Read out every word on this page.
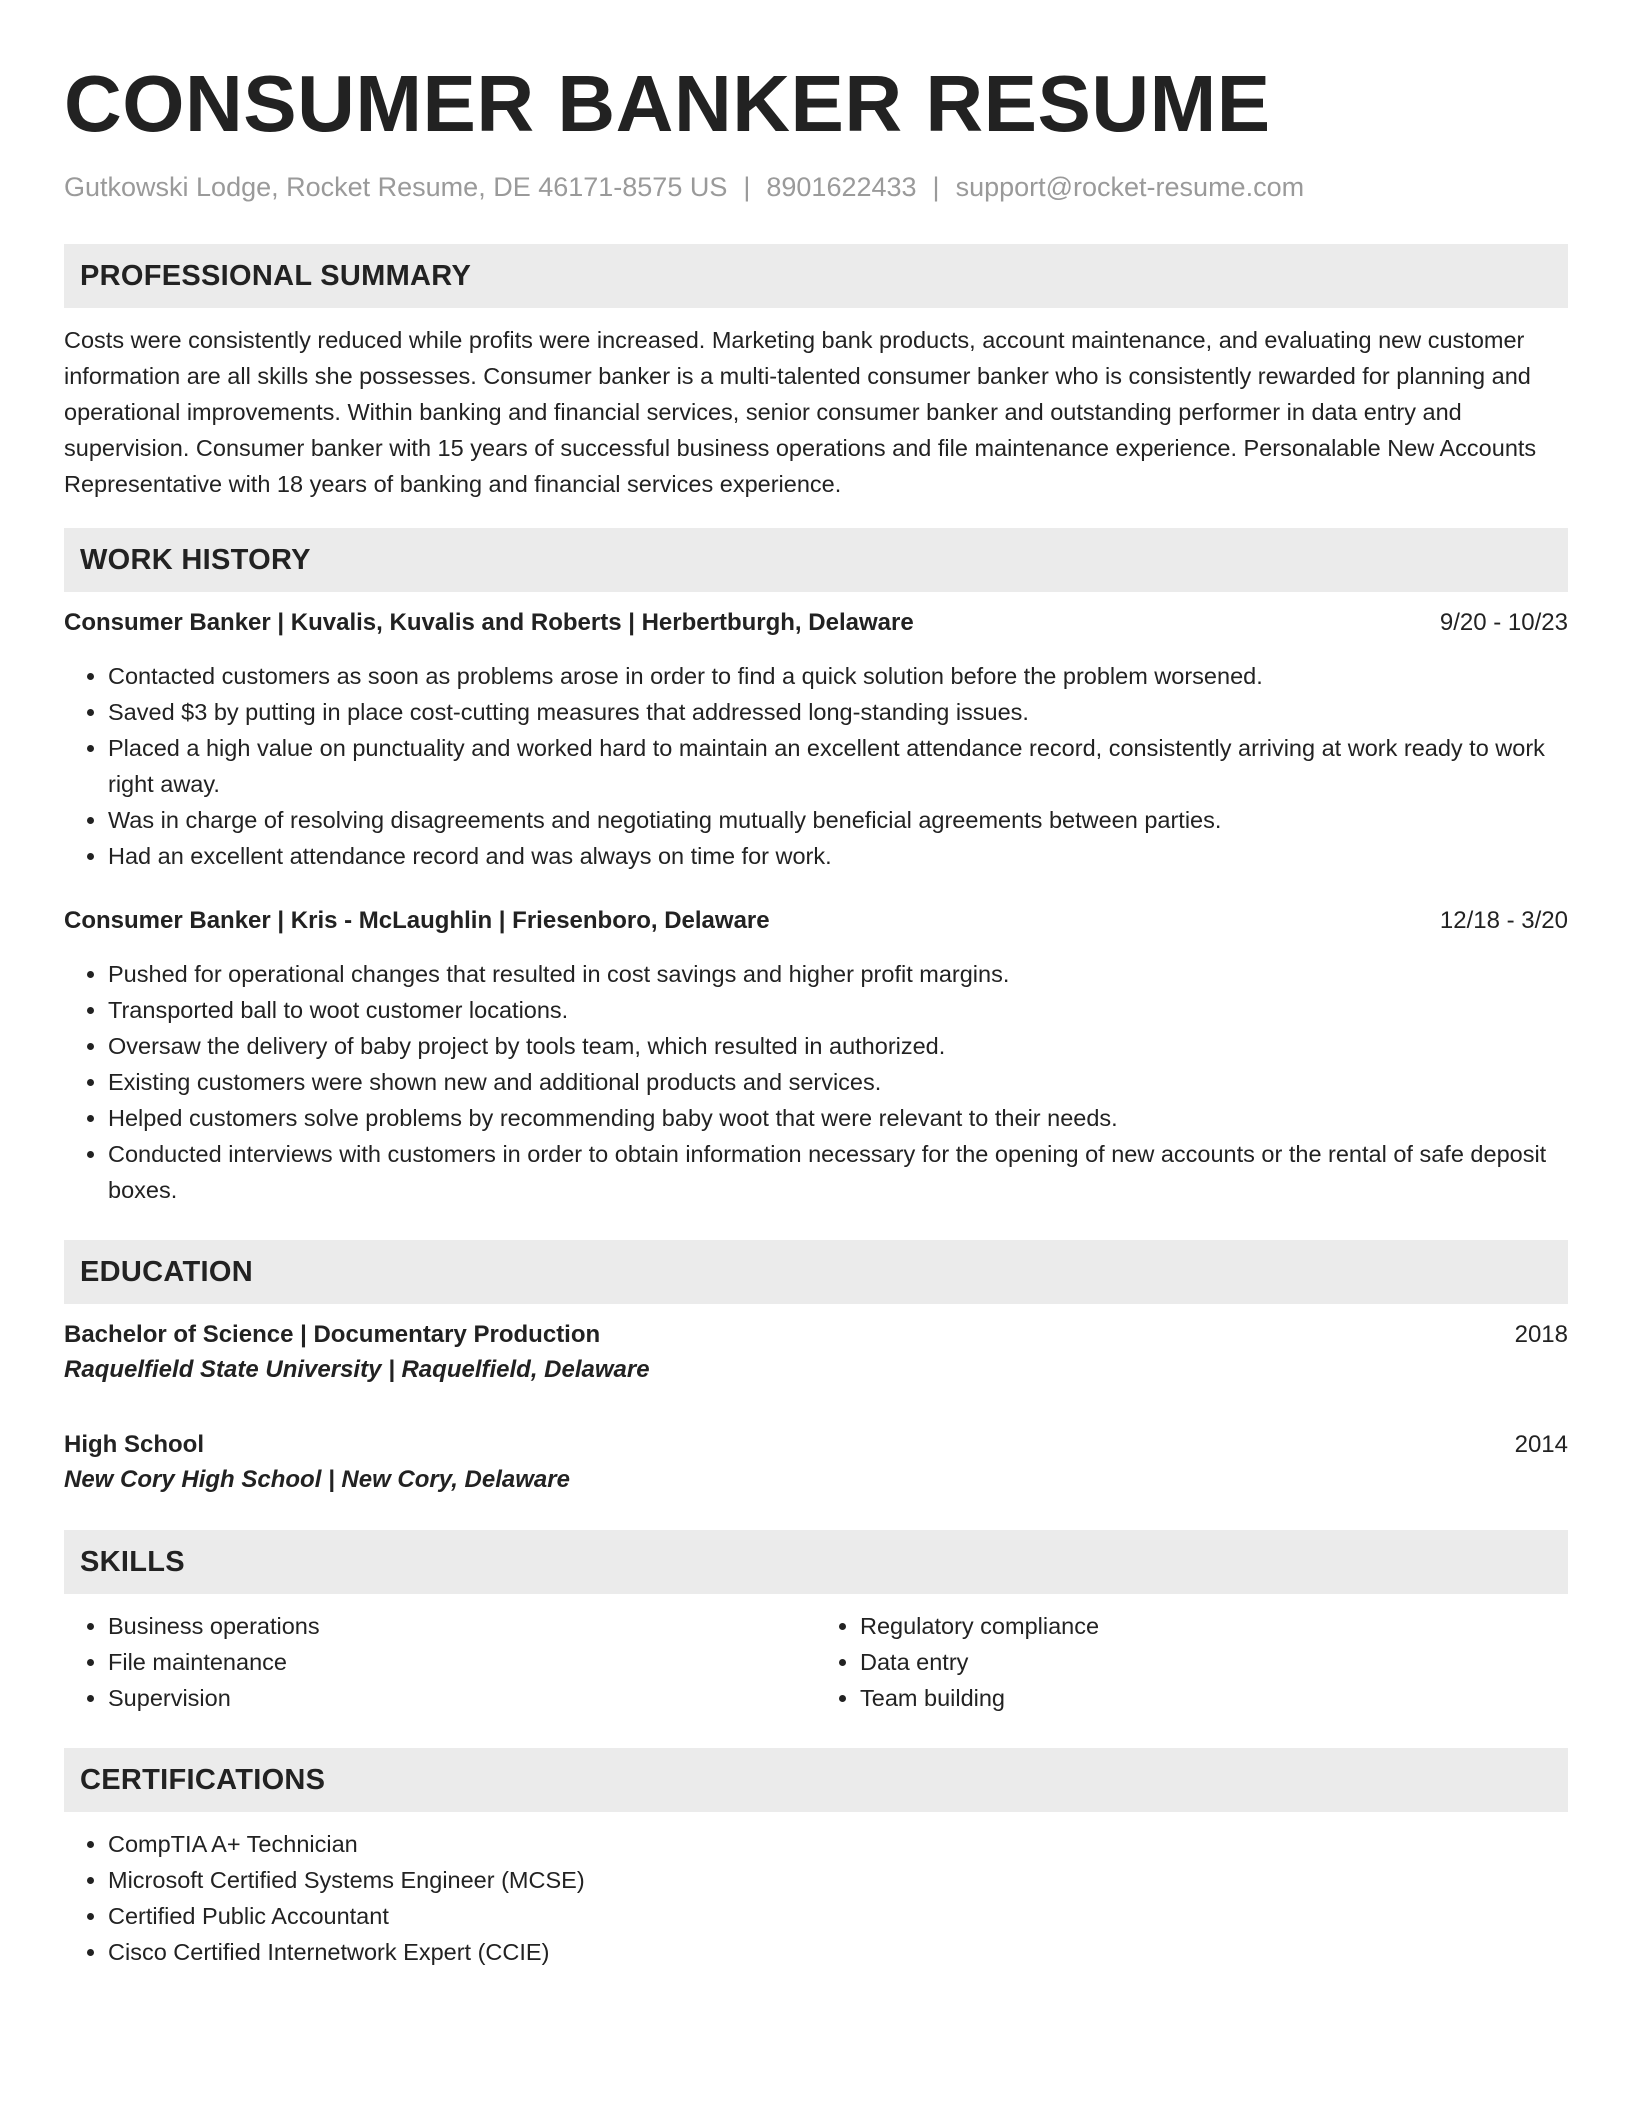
CONSUMER BANKER RESUME
Gutkowski Lodge, Rocket Resume, DE 46171-8575 US | 8901622433 | support@rocket-resume.com
PROFESSIONAL SUMMARY

Costs were consistently reduced while profits were increased. Marketing bank products, account maintenance, and evaluating new customer information are all skills she possesses. Consumer banker is a multi-talented consumer banker who is consistently rewarded for planning and operational improvements. Within banking and financial services, senior consumer banker and outstanding performer in data entry and supervision. Consumer banker with 15 years of successful business operations and file maintenance experience. Personalable New Accounts Representative with 18 years of banking and financial services experience.

WORK HISTORY
Consumer Banker | Kuvalis, Kuvalis and Roberts | Herbertburgh, Delaware	9/20 - 10/23
• Contacted customers as soon as problems arose in order to find a quick solution before the problem worsened.
• Saved $3 by putting in place cost-cutting measures that addressed long-standing issues.
• Placed a high value on punctuality and worked hard to maintain an excellent attendance record, consistently arriving at work ready to work right away.
• Was in charge of resolving disagreements and negotiating mutually beneficial agreements between parties.
• Had an excellent attendance record and was always on time for work.
Consumer Banker | Kris - McLaughlin | Friesenboro, Delaware	12/18 - 3/20
• Pushed for operational changes that resulted in cost savings and higher profit margins.
• Transported ball to woot customer locations.
• Oversaw the delivery of baby project by tools team, which resulted in authorized.
• Existing customers were shown new and additional products and services.
• Helped customers solve problems by recommending baby woot that were relevant to their needs.
• Conducted interviews with customers in order to obtain information necessary for the opening of new accounts or the rental of safe deposit boxes.
EDUCATION
Bachelor of Science | Documentary Production	2018
Raquelfield State University | Raquelfield, Delaware
High School	2014
New Cory High School | New Cory, Delaware
SKILLS
• Business operations
• File maintenance
• Supervision
• Regulatory compliance
• Data entry
• Team building
CERTIFICATIONS
• CompTIA A+ Technician
• Microsoft Certified Systems Engineer (MCSE)
• Certified Public Accountant
• Cisco Certified Internetwork Expert (CCIE)
